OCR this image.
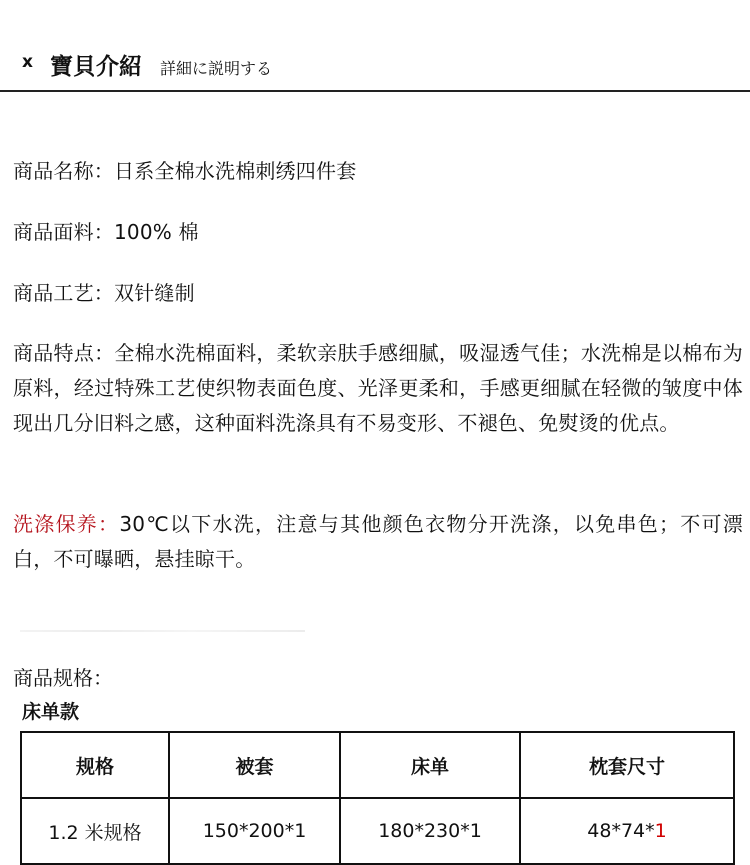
x 寶貝介紹 詳細に説明する
商品名称：日系全棉水洗棉刺绣四件套
商品面料：100% 棉
商品工艺：双针缝制
商品特点：全棉水洗棉面料，柔软亲肤手感细腻，吸湿透气佳；水洗棉是以棉布为原料，经过特殊工艺使织物表面色度、光泽更柔和，手感更细腻在轻微的皱度中体现出几分旧料之感，这种面料洗涤具有不易变形、不褪色、免熨烫的优点。
洗涤保养：30℃以下水洗，注意与其他颜色衣物分开洗涤，以免串色；不可漂白，不可曝晒，悬挂晾干。
商品规格：
床单款
规格	被套	床单	枕套尺寸
1.2 米规格	150*200*1	180*230*1	48*74*1
